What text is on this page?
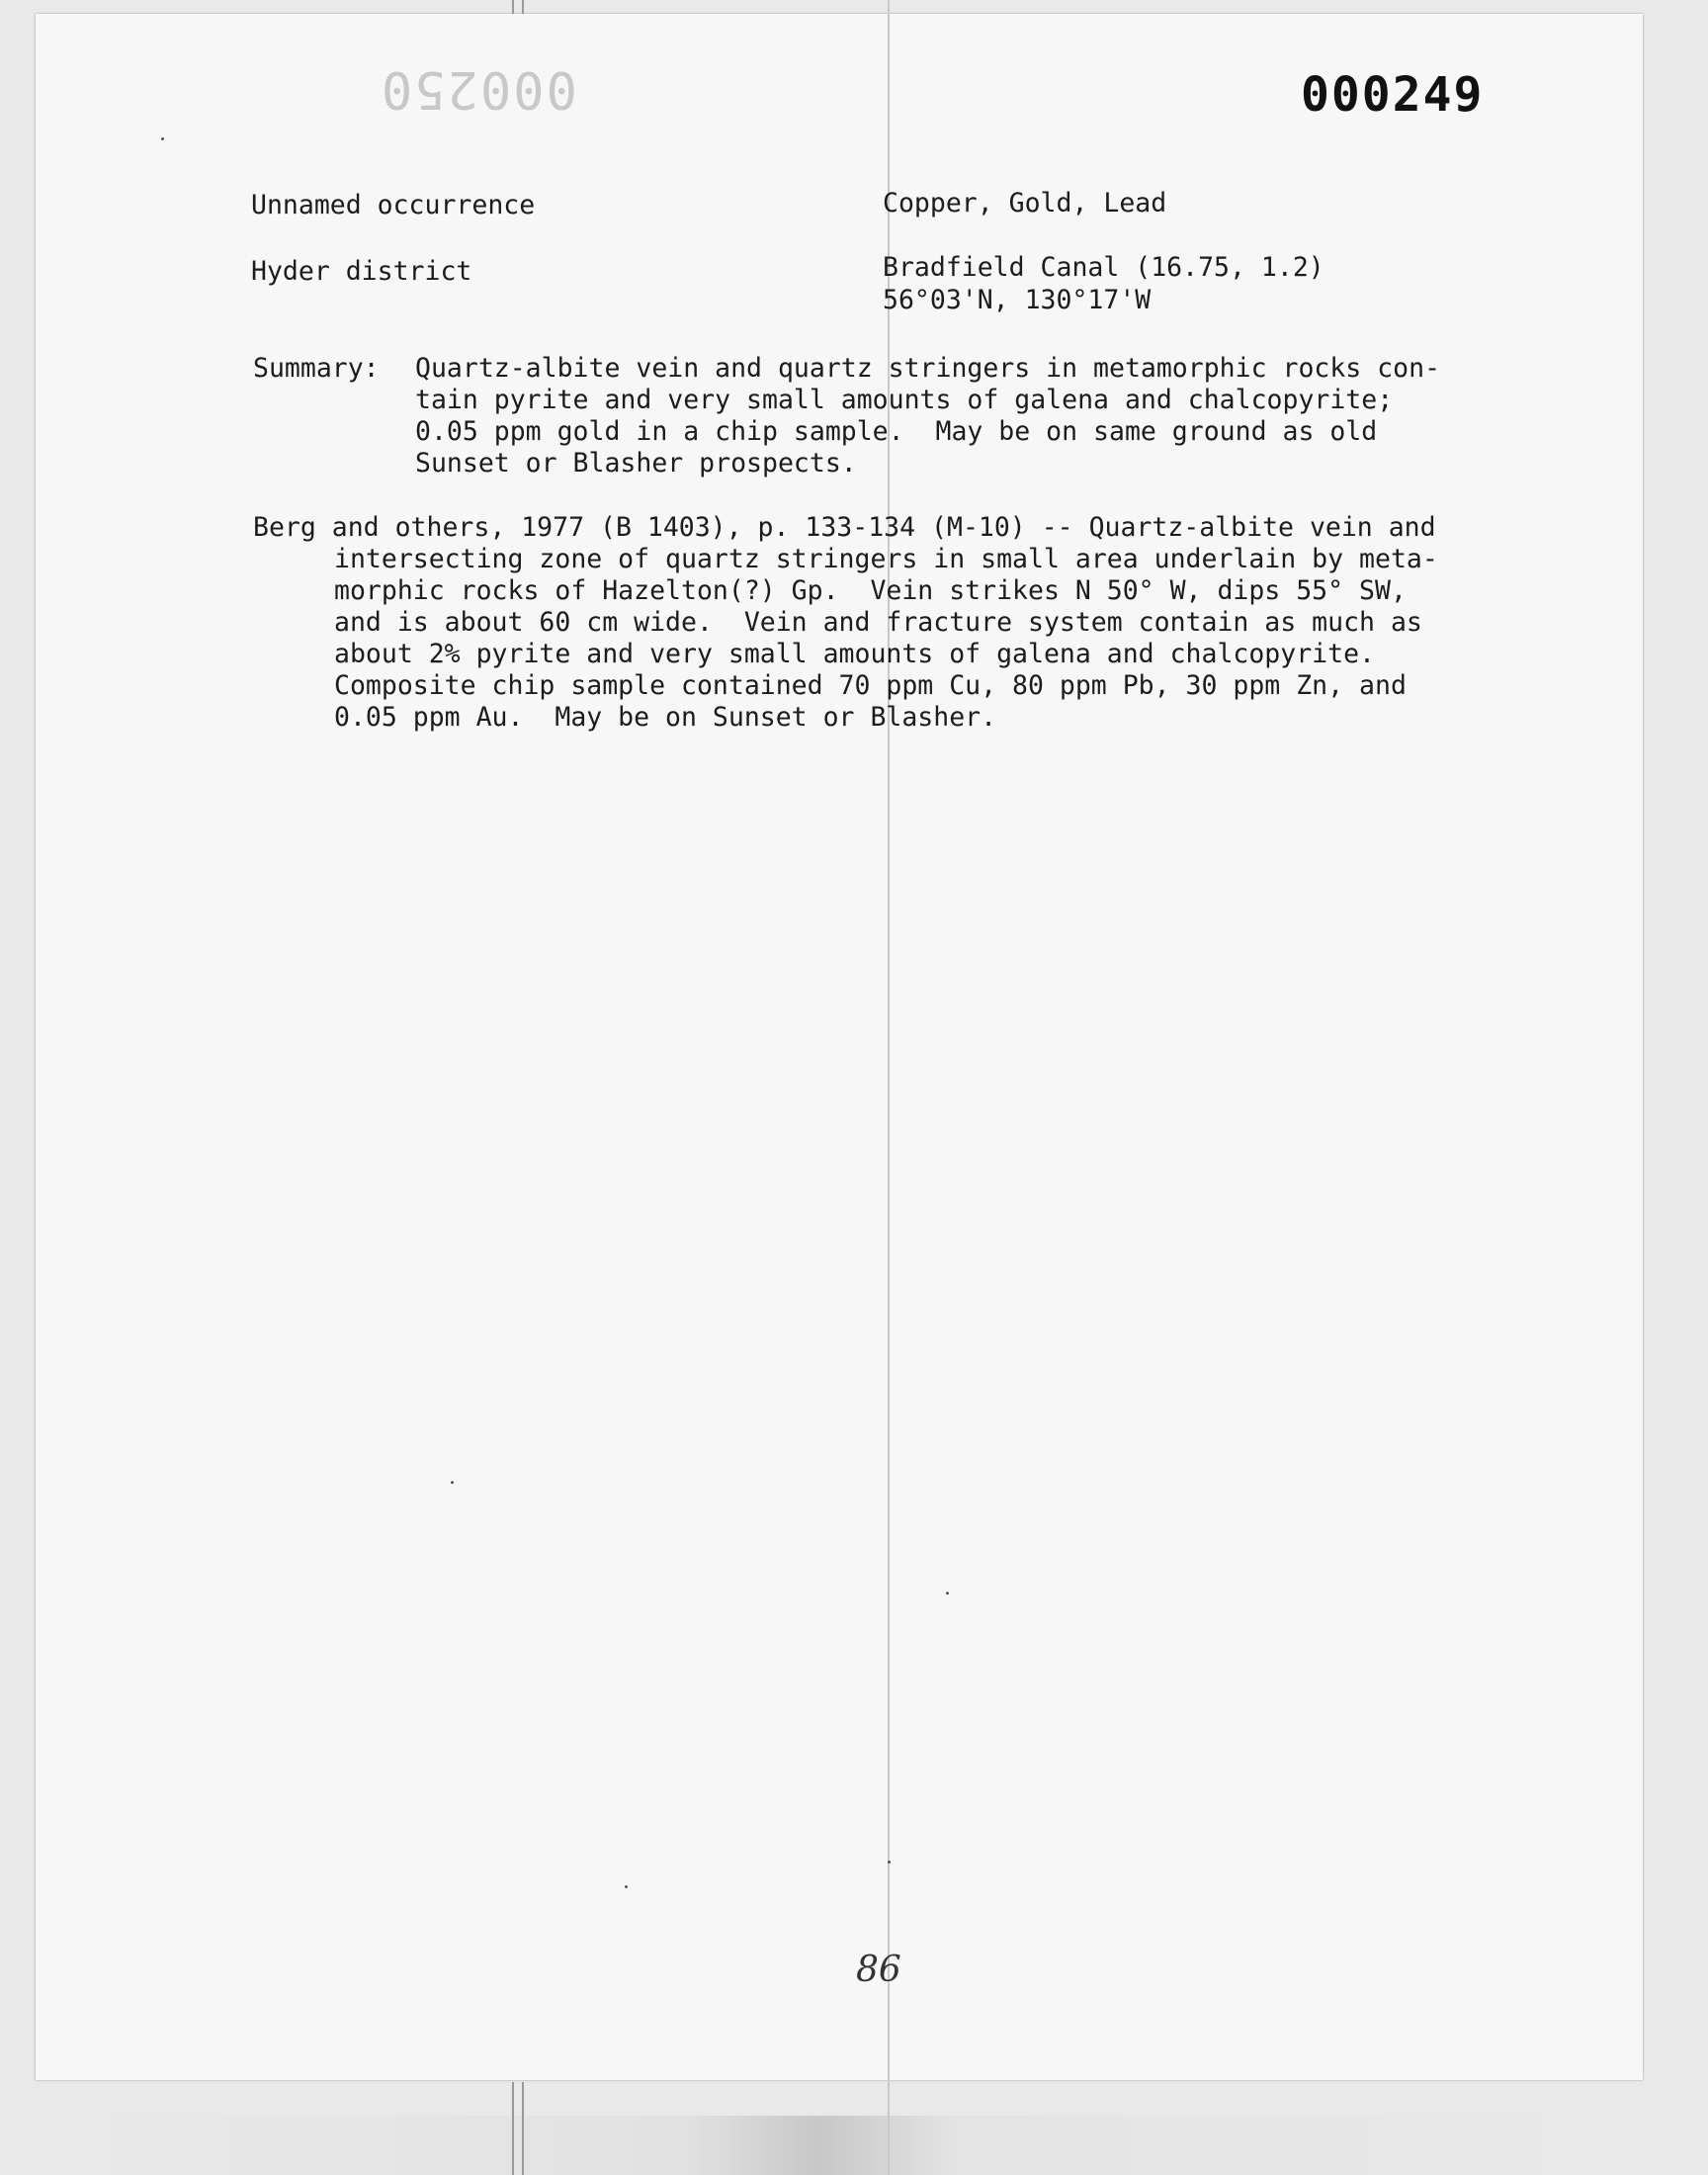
000250	000249

Unnamed occurrence	Copper, Gold, Lead

Hyder district	Bradfield Canal (16.75, 1.2)

56°03'N, 130°17'W

Summary: Quartz-albite vein and quartz stringers in metamorphic rocks con-

tain pyrite and very small amounts of galena and chalcopyrite;

0.05 ppm gold in a chip sample.  May be on same ground as old

Sunset or Blasher prospects.

Berg and others, 1977 (B 1403), p. 133-134 (M-10) -- Quartz-albite vein and

intersecting zone of quartz stringers in small area underlain by meta-

morphic rocks of Hazelton(?) Gp.  Vein strikes N 50° W, dips 55° SW,

and is about 60 cm wide.  Vein and fracture system contain as much as

about 2% pyrite and very small amounts of galena and chalcopyrite.

Composite chip sample contained 70 ppm Cu, 80 ppm Pb, 30 ppm Zn, and

0.05 ppm Au.  May be on Sunset or Blasher.

86
